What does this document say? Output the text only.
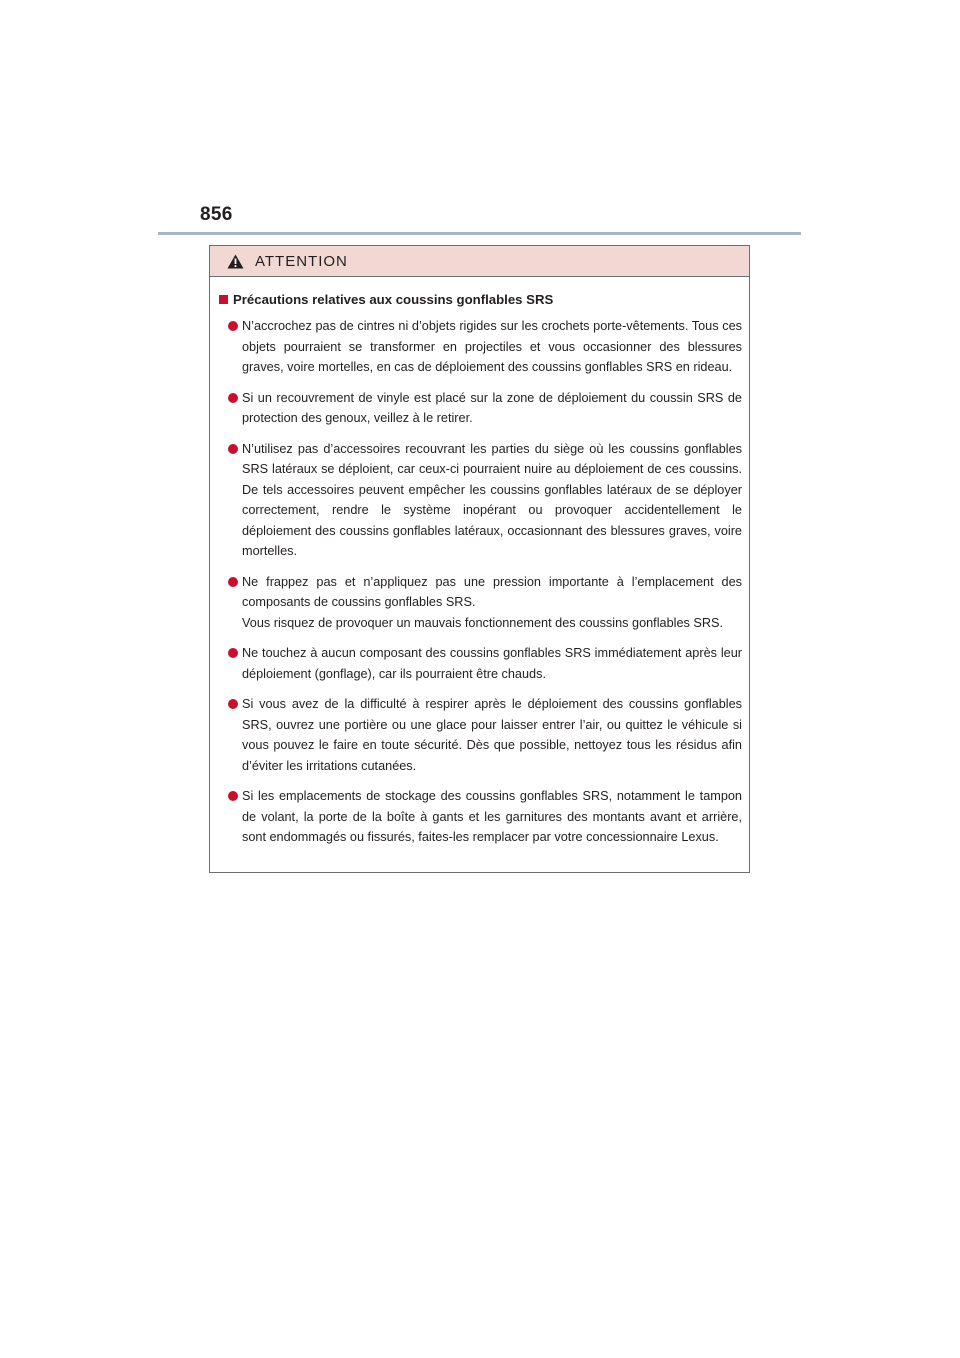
856
ATTENTION
Précautions relatives aux coussins gonflables SRS
N’accrochez pas de cintres ni d’objets rigides sur les crochets porte-vêtements. Tous ces objets pourraient se transformer en projectiles et vous occasionner des blessures graves, voire mortelles, en cas de déploiement des coussins gonflables SRS en rideau.
Si un recouvrement de vinyle est placé sur la zone de déploiement du coussin SRS de protection des genoux, veillez à le retirer.
N’utilisez pas d’accessoires recouvrant les parties du siège où les coussins gonflables SRS latéraux se déploient, car ceux-ci pourraient nuire au déploiement de ces coussins. De tels accessoires peuvent empêcher les coussins gonflables latéraux de se déployer correctement, rendre le système inopérant ou provoquer accidentellement le déploiement des coussins gonflables latéraux, occasionnant des blessures graves, voire mortelles.
Ne frappez pas et n’appliquez pas une pression importante à l’emplacement des composants de coussins gonflables SRS.
Vous risquez de provoquer un mauvais fonctionnement des coussins gonflables SRS.
Ne touchez à aucun composant des coussins gonflables SRS immédiatement après leur déploiement (gonflage), car ils pourraient être chauds.
Si vous avez de la difficulté à respirer après le déploiement des coussins gonflables SRS, ouvrez une portière ou une glace pour laisser entrer l’air, ou quittez le véhicule si vous pouvez le faire en toute sécurité. Dès que possible, nettoyez tous les résidus afin d’éviter les irritations cutanées.
Si les emplacements de stockage des coussins gonflables SRS, notamment le tampon de volant, la porte de la boîte à gants et les garnitures des montants avant et arrière, sont endommagés ou fissurés, faites-les remplacer par votre concessionnaire Lexus.
